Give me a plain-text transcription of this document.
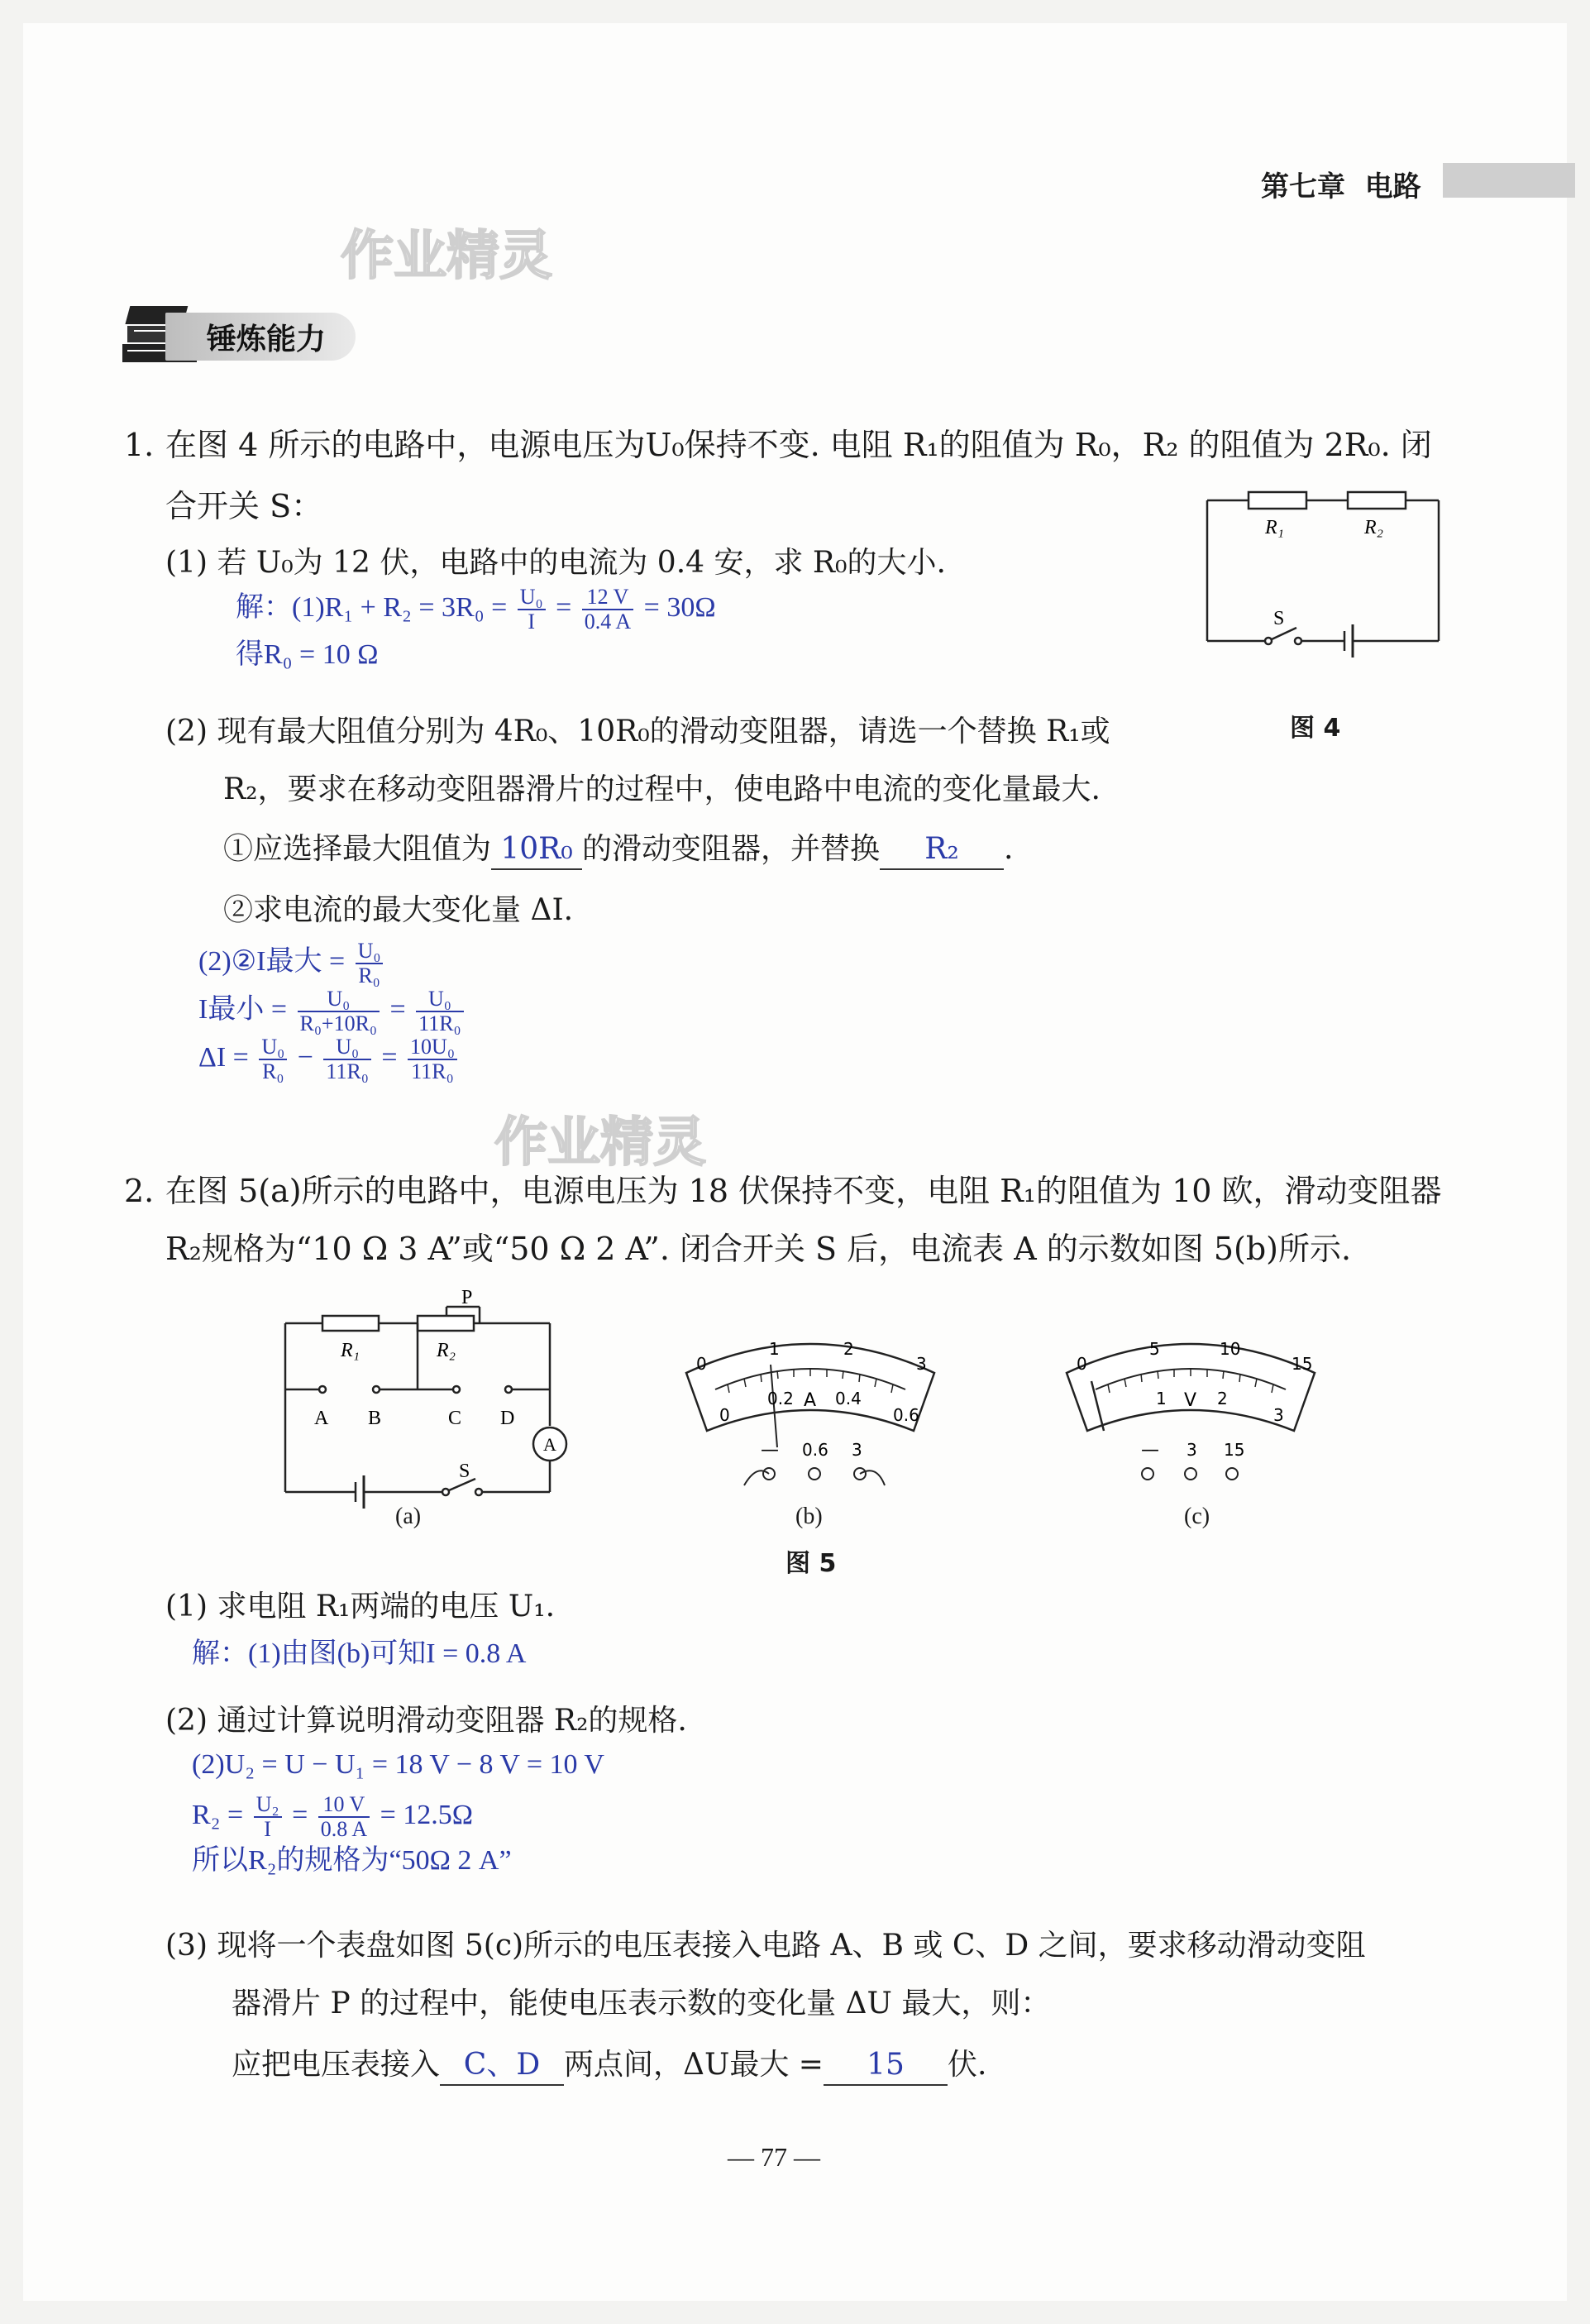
第七章 电路
作业精灵
作业精灵
锤炼能力
1. 在图 4 所示的电路中，电源电压为U₀保持不变. 电阻 R₁的阻值为 R₀，R₂ 的阻值为 2R₀. 闭
合开关 S：
(1) 若 U₀为 12 伏，电路中的电流为 0.4 安，求 R₀的大小.
解：$(1)R_1 + R_2 = 3R_0 = \frac{\text{U₀}}{I} = \frac{12 V}{0.4 A} = 30\Omega$
得R₀ = 10 Ω
R₁	R₂
S
图 4
(2) 现有最大阻值分别为 4R₀、10R₀的滑动变阻器，请选一个替换 R₁或
R₂，要求在移动变阻器滑片的过程中，使电路中电流的变化量最大.
①应选择最大阻值为 10R₀ 的滑动变阻器，并替换 R₂ .
②求电流的最大变化量 ΔI.
(2)②I最大 = $\frac{\text{U₀}}{\text{R₀}}$
I最小 = $\frac{\text{U₀}}{\text{R₀+10R₀}} = \frac{\text{U₀}}{\text{11R₀}}$
$\Delta I = \frac{\text{U₀}}{\text{R₀}} - \frac{\text{U₀}}{\text{11R₀}} = \frac{\text{10U₀}}{\text{11R₀}}$
2. 在图 5(a)所示的电路中，电源电压为 18 伏保持不变，电阻 R₁的阻值为 10 欧，滑动变阻器
R₂规格为“10 Ω 3 A”或“50 Ω 2 A”. 闭合开关 S 后，电流表 A 的示数如图 5(b)所示.
P
R₁	R₂
A B	C D
A
S
(a)
0
1	2
3
0
0.2	0.4
0.6
A
— 0.6 3
(b)
0
5	10
15
1	2
3
V
— 3 15
(c)
图 5
(1) 求电阻 R₁两端的电压 U₁.
解：(1)由图(b)可知I = 0.8 A
(2) 通过计算说明滑动变阻器 R₂的规格.
(2)U₂ = U − U₁ = 18 V − 8 V = 10 V
$R_2 = \frac{\text{U₂}}{I} = \frac{10 V}{0.8 A} = 12.5\Omega$
所以R₂的规格为“50Ω 2 A”
(3) 现将一个表盘如图 5(c)所示的电压表接入电路 A、B 或 C、D 之间，要求移动滑动变阻
器滑片 P 的过程中，能使电压表示数的变化量 ΔU 最大，则：
应把电压表接入 C、D 两点间，ΔU最大 = 15 伏.
— 77 —
